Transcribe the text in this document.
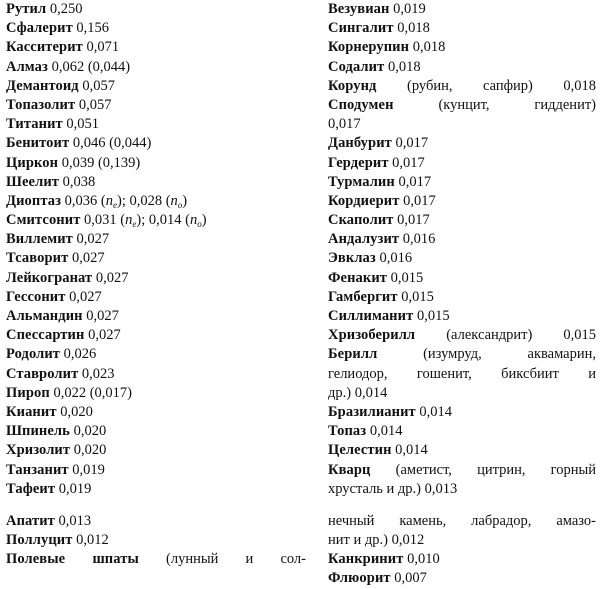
Рутил 0,250
Сфалерит 0,156
Касситерит 0,071
Алмаз 0,062 (0,044)
Демантоид 0,057
Топазолит 0,057
Титанит 0,051
Бенитоит 0,046 (0,044)
Циркон 0,039 (0,139)
Шеелит 0,038
Диоптаз 0,036 $(n_e)$; 0,028 $(n_o)$
Смитсонит 0,031 $(n_e)$; 0,014 $(n_o)$
Виллемит 0,027
Тсаворит 0,027
Лейкогранат 0,027
Гессонит 0,027
Альмандин 0,027
Спессартин 0,027
Родолит 0,026
Ставролит 0,023
Пироп 0,022 (0,017)
Кианит 0,020
Шпинель 0,020
Хризолит 0,020
Танзанит 0,019
Тафеит 0,019
Апатит 0,013
Поллуцит 0,012
Полевые шпаты (лунный и сол-
Везувиан 0,019
Сингалит 0,018
Корнерупин 0,018
Содалит 0,018
Корунд (рубин, сапфир) 0,018
Сподумен	(кунцит, гидденит)
0,017
Данбурит 0,017
Гердерит 0,017
Турмалин 0,017
Кордиерит 0,017
Скаполит 0,017
Андалузит 0,016
Эвклаз 0,016
Фенакит 0,015
Гамбергит 0,015
Силлиманит 0,015
Хризоберилл (александрит) 0,015
Берилл	(изумруд, аквамарин,
гелиодор, гошенит, биксбиит и
др.) 0,014
Бразилианит 0,014
Топаз 0,014
Целестин 0,014
Кварц (аметист, цитрин, горный
хрусталь и др.) 0,013
нечный камень, лабрадор, амазо-
нит и др.) 0,012
Канкринит 0,010
Флюорит 0,007
